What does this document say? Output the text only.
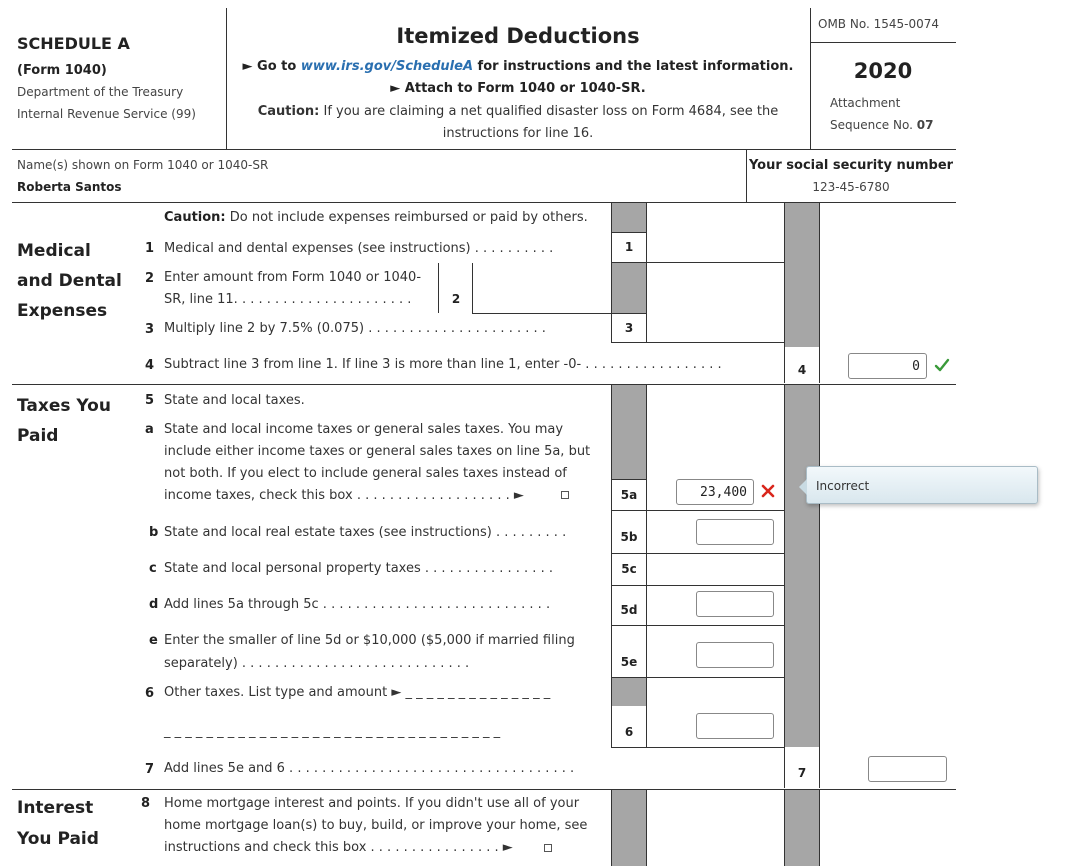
SCHEDULE A
(Form 1040)
Department of the Treasury
Internal Revenue Service (99)
Itemized Deductions
► Go to www.irs.gov/ScheduleA for instructions and the latest information.
► Attach to Form 1040 or 1040-SR.
Caution: If you are claiming a net qualified disaster loss on Form 4684, see the
instructions for line 16.
OMB No. 1545-0074
2020
Attachment
Sequence No. 07
Name(s) shown on Form 1040 or 1040-SR
Roberta Santos
Your social security number
123-45-6780
2
Medical
and Dental
Expenses
Caution: Do not include expenses reimbursed or paid by others.
1 Medical and dental expenses (see instructions) . . . . . . . . . .	1
2 Enter amount from Form 1040 or 1040-
SR, line 11. . . . . . . . . . . . . . . . . . . . . .
3 Multiply line 2 by 7.5% (0.075) . . . . . . . . . . . . . . . . . . . . . .	3
4 Subtract line 3 from line 1. If line 3 is more than line 1, enter -0- . . . . . . . . . . . . . . . . .	4
0
Taxes You
Paid
5 State and local taxes.
a State and local income taxes or general sales taxes. You may
include either income taxes or general sales taxes on line 5a, but
not both. If you elect to include general sales taxes instead of
income taxes, check this box . . . . . . . . . . . . . . . . . . . ►	5a
23,400
Incorrect
b State and local real estate taxes (see instructions) . . . . . . . . .	5b
c State and local personal property taxes . . . . . . . . . . . . . . . .	5c
d Add lines 5a through 5c . . . . . . . . . . . . . . . . . . . . . . . . . . . .	5d
e Enter the smaller of line 5d or $10,000 ($5,000 if married filing
separately) . . . . . . . . . . . . . . . . . . . . . . . . . . . .	5e
6 Other taxes. List type and amount ► _ _ _ _ _ _ _ _ _ _ _ _ _ _
_ _ _ _ _ _ _ _ _ _ _ _ _ _ _ _ _ _ _ _ _ _ _ _ _ _ _ _ _ _ _ _	6
7 Add lines 5e and 6 . . . . . . . . . . . . . . . . . . . . . . . . . . . . . . . . . . .	7
Interest
You Paid
8 Home mortgage interest and points. If you didn't use all of your
home mortgage loan(s) to buy, build, or improve your home, see
instructions and check this box . . . . . . . . . . . . . . . . ►
